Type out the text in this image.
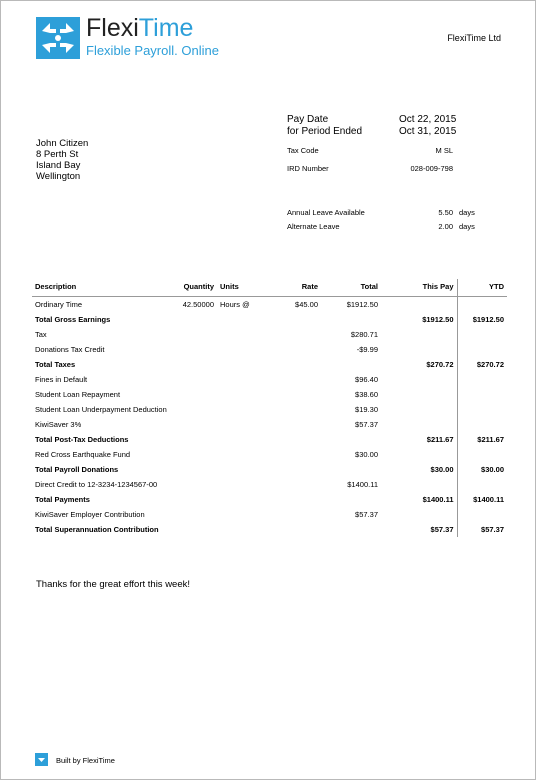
FlexiTime
Flexible Payroll. Online
FlexiTime Ltd
Pay Date	Oct 22, 2015
for Period Ended	Oct 31, 2015
Tax Code	M SL
IRD Number	028-009-798
John Citizen
8 Perth St
Island Bay
Wellington
Annual Leave Available	5.50 days
Alternate Leave	2.00 days
Description	Quantity	Units	Rate	Total	This Pay	YTD
Ordinary Time	42.50000	Hours @	$45.00	$1912.50		
Total Gross Earnings					$1912.50	$1912.50
Tax				$280.71		
Donations Tax Credit				-$9.99		
Total Taxes					$270.72	$270.72
Fines in Default				$96.40		
Student Loan Repayment				$38.60		
Student Loan Underpayment Deduction				$19.30		
KiwiSaver 3%				$57.37		
Total Post-Tax Deductions					$211.67	$211.67
Red Cross Earthquake Fund				$30.00		
Total Payroll Donations					$30.00	$30.00
Direct Credit to 12-3234-1234567-00				$1400.11		
Total Payments					$1400.11	$1400.11
KiwiSaver Employer Contribution				$57.37		
Total Superannuation Contribution					$57.37	$57.37
Thanks for the great effort this week!
Built by FlexiTime
